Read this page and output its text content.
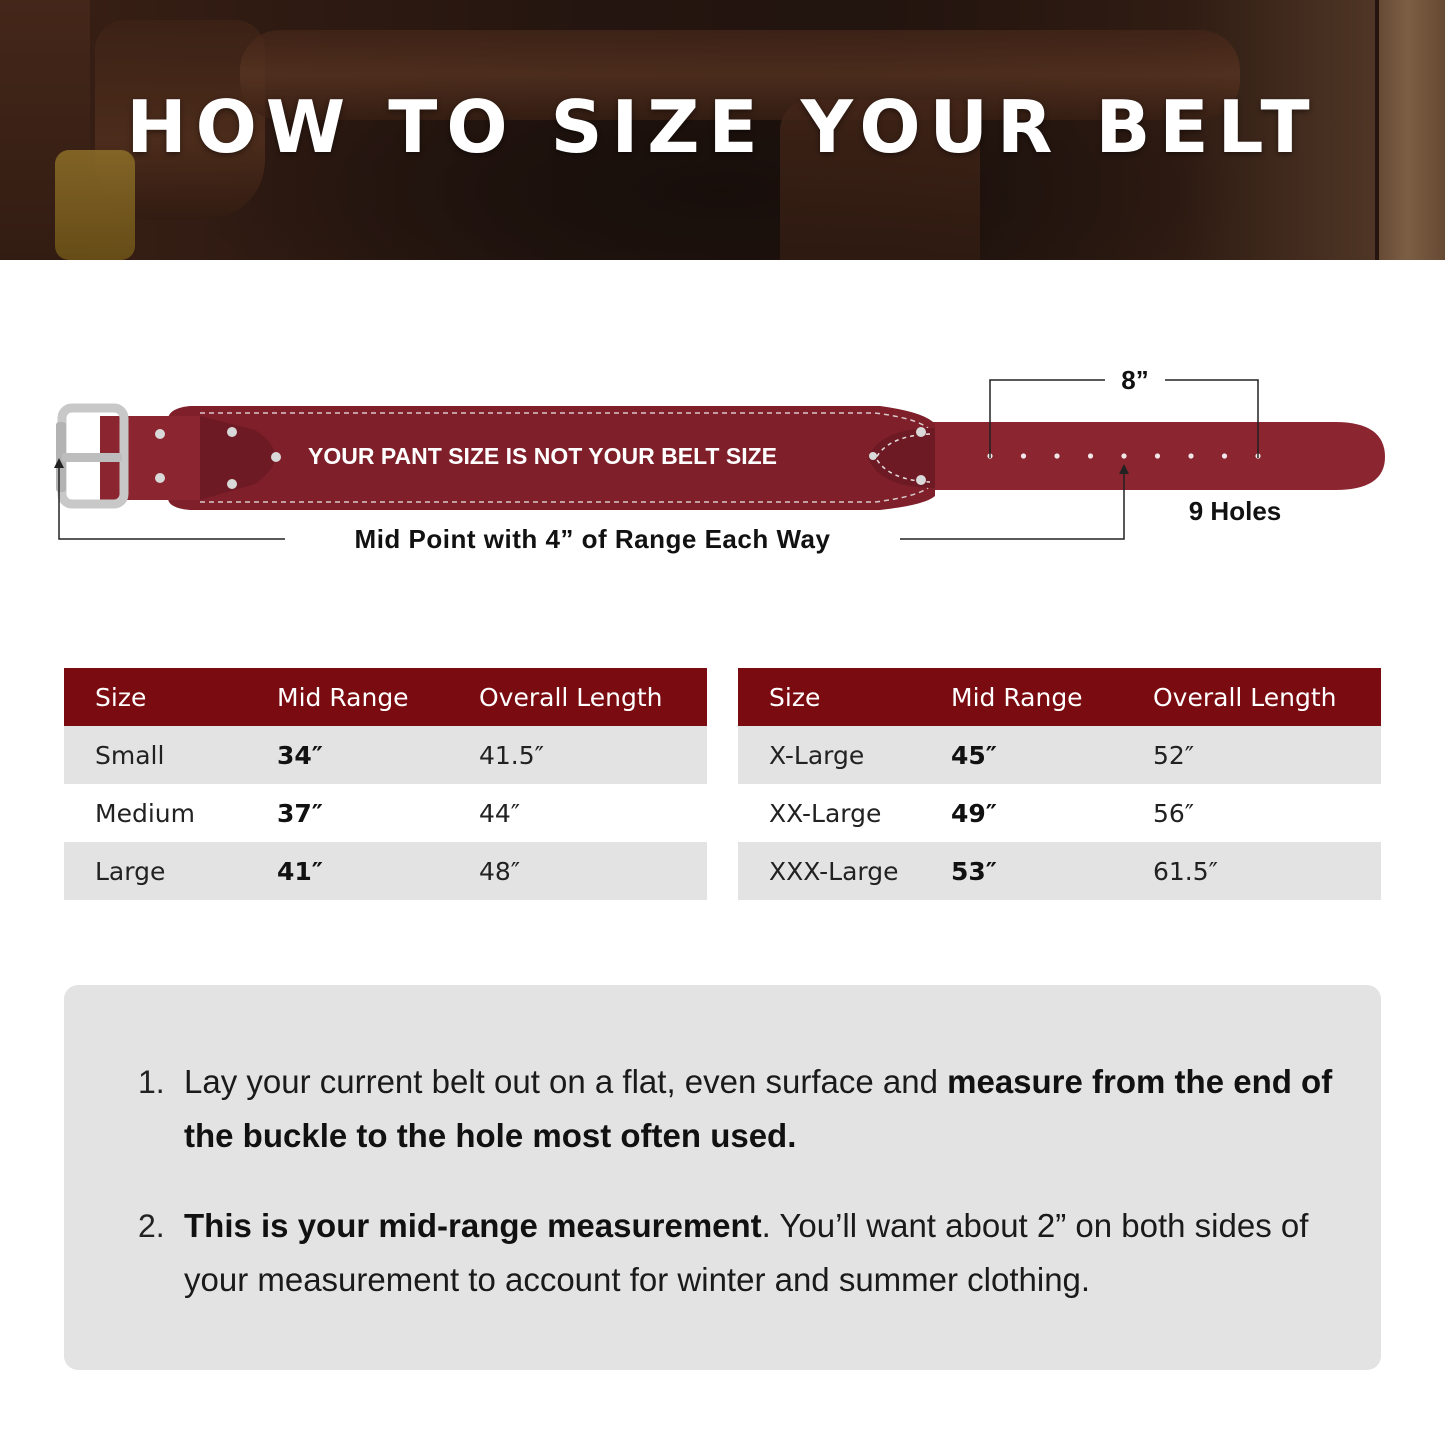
HOW TO SIZE YOUR BELT
YOUR PANT SIZE IS NOT YOUR BELT SIZE
8”
9 Holes
Mid Point with 4” of Range Each Way
Size	Mid Range	Overall Length
Small	34″	41.5″
Medium	37″	44″
Large	41″	48″
Size	Mid Range	Overall Length
X-Large	45″	52″
XX-Large	49″	56″
XXX-Large	53″	61.5″
1. Lay your current belt out on a flat, even surface and measure from the end of the buckle to the hole most often used.

2. This is your mid-range measurement. You’ll want about 2” on both sides of your measurement to account for winter and summer clothing.
